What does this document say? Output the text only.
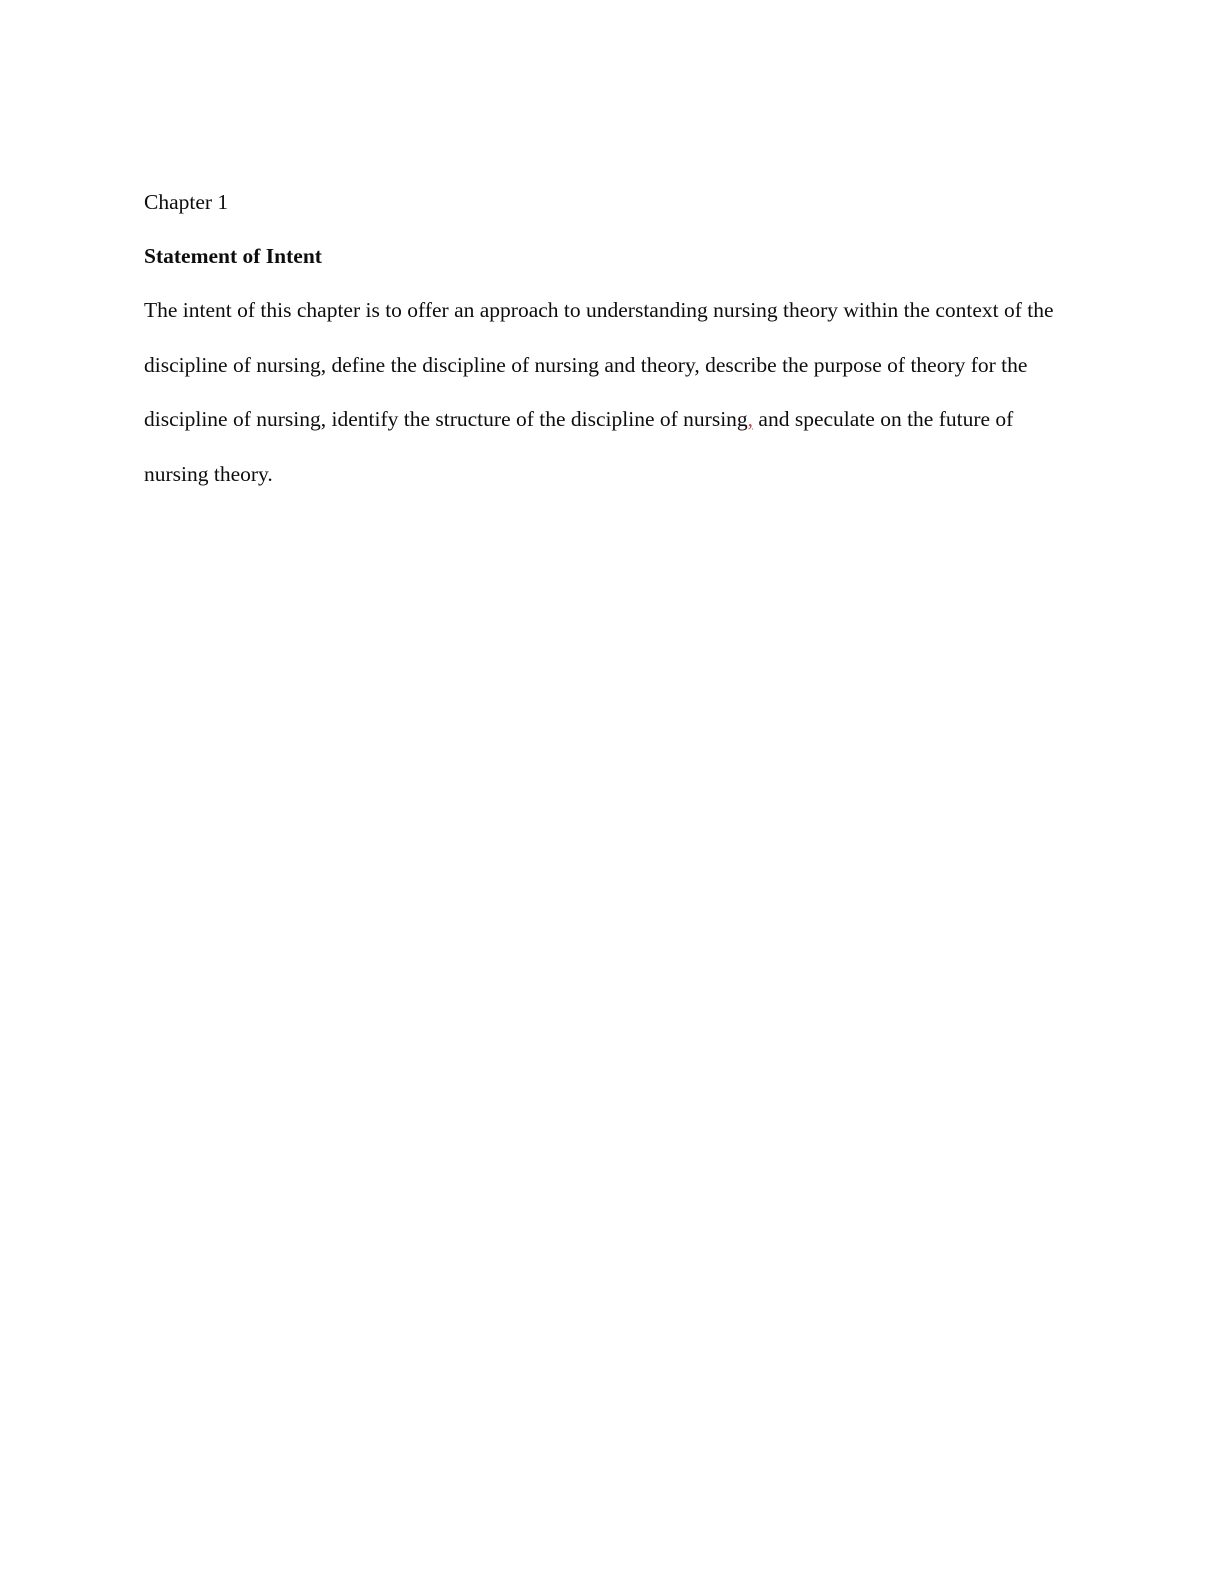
Chapter 1
Statement of Intent
The intent of this chapter is to offer an approach to understanding nursing theory within the context of the discipline of nursing, define the discipline of nursing and theory, describe the purpose of theory for the discipline of nursing, identify the structure of the discipline of nursing, and speculate on the future of nursing theory.
